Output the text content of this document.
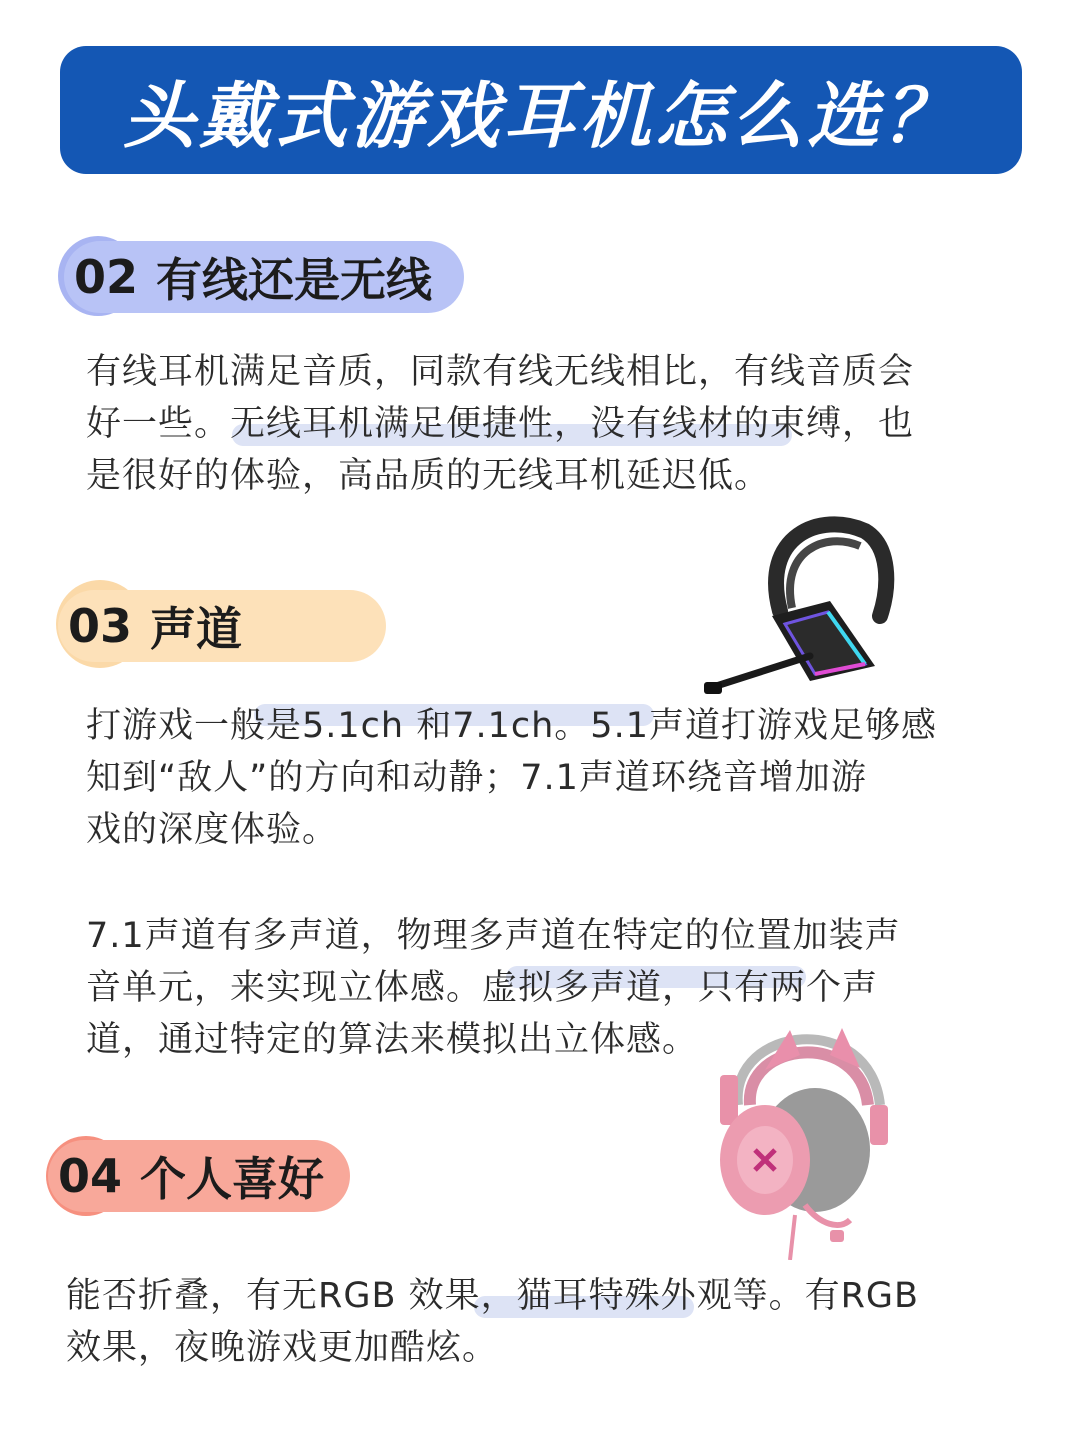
头戴式游戏耳机怎么选？
02 有线还是无线
有线耳机满足音质，同款有线无线相比，有线音质会
好一些。无线耳机满足便捷性，没有线材的束缚，也
是很好的体验，高品质的无线耳机延迟低。
03 声道
打游戏一般是5.1ch 和7.1ch。5.1声道打游戏足够感
知到“敌人”的方向和动静；7.1声道环绕音增加游
戏的深度体验。
7.1声道有多声道，物理多声道在特定的位置加装声
音单元，来实现立体感。虚拟多声道，只有两个声
道，通过特定的算法来模拟出立体感。
04 个人喜好
能否折叠，有无RGB 效果，猫耳特殊外观等。有RGB
效果，夜晚游戏更加酷炫。
